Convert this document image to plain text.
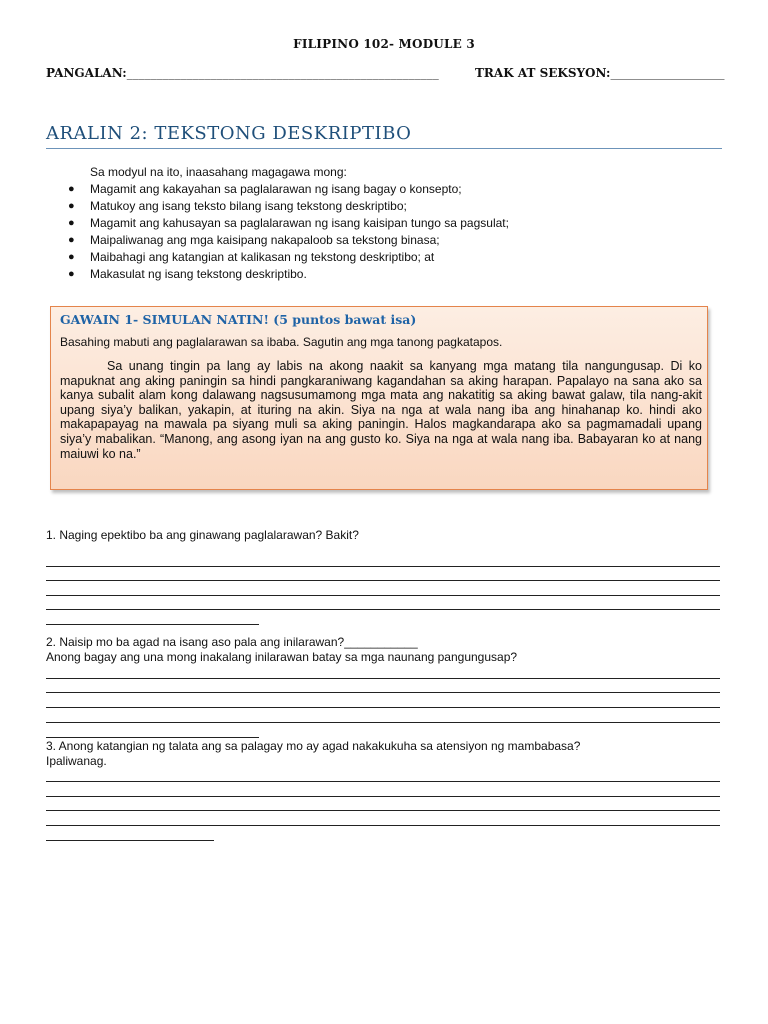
FILIPINO 102- MODULE 3
PANGALAN:____________________________________________________	TRAK AT SEKSYON:___________________
ARALIN 2: TEKSTONG DESKRIPTIBO
Sa modyul na ito, inaasahang magagawa mong:
● Magamit ang kakayahan sa paglalarawan ng isang bagay o konsepto;
● Matukoy ang isang teksto bilang isang tekstong deskriptibo;
● Magamit ang kahusayan sa paglalarawan ng isang kaisipan tungo sa pagsulat;
● Maipaliwanag ang mga kaisipang nakapaloob sa tekstong binasa;
● Maibahagi ang katangian at kalikasan ng tekstong deskriptibo; at
● Makasulat ng isang tekstong deskriptibo.
GAWAIN 1- SIMULAN NATIN! (5 puntos bawat isa)
Basahing mabuti ang paglalarawan sa ibaba. Sagutin ang mga tanong pagkatapos.
Sa unang tingin pa lang ay labis na akong naakit sa kanyang mga matang tila nangungusap. Di ko mapuknat ang aking paningin sa hindi pangkaraniwang kagandahan sa aking harapan. Papalayo na sana ako sa kanya subalit alam kong dalawang nagsusumamong mga mata ang nakatitig sa aking bawat galaw, tila nang-akit upang siya’y balikan, yakapin, at ituring na akin. Siya na nga at wala nang iba ang hinahanap ko. hindi ako makapapayag na mawala pa siyang muli sa aking paningin. Halos magkandarapa ako sa pagmamadali upang siya’y mabalikan. “Manong, ang asong iyan na ang gusto ko. Siya na nga at wala nang iba. Babayaran ko at nang maiuwi ko na.”
1. Naging epektibo ba ang ginawang paglalarawan? Bakit?
2. Naisip mo ba agad na isang aso pala ang inilarawan?___________
Anong bagay ang una mong inakalang inilarawan batay sa mga naunang pangungusap?
3. Anong katangian ng talata ang sa palagay mo ay agad nakakukuha sa atensiyon ng mambabasa?
Ipaliwanag.
